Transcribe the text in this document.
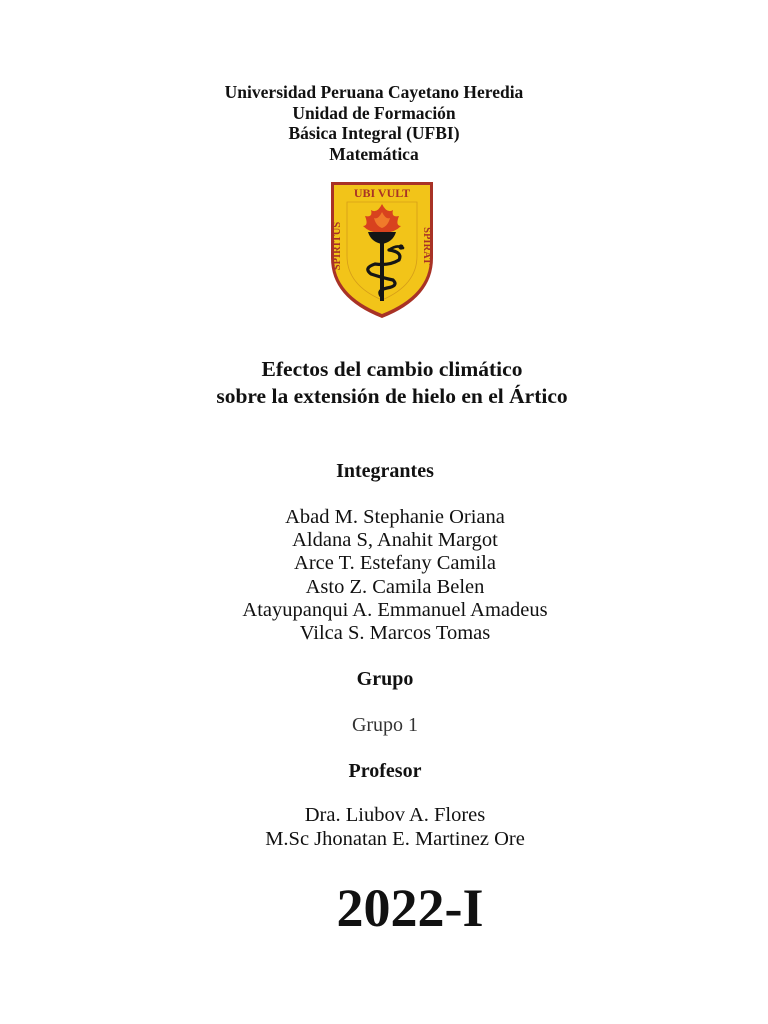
Universidad Peruana Cayetano Heredia
Unidad de Formación
Básica Integral (UFBI)
Matemática
UBI VULT
SPIRITUS
SPIRAT
Efectos del cambio climático
sobre la extensión de hielo en el Ártico
Integrantes
Abad M. Stephanie Oriana
Aldana S, Anahit Margot
Arce T. Estefany Camila
Asto Z. Camila Belen
Atayupanqui A. Emmanuel Amadeus
Vilca S. Marcos Tomas
Grupo
Grupo 1
Profesor
Dra. Liubov A. Flores
M.Sc Jhonatan E. Martinez Ore
2022-I
